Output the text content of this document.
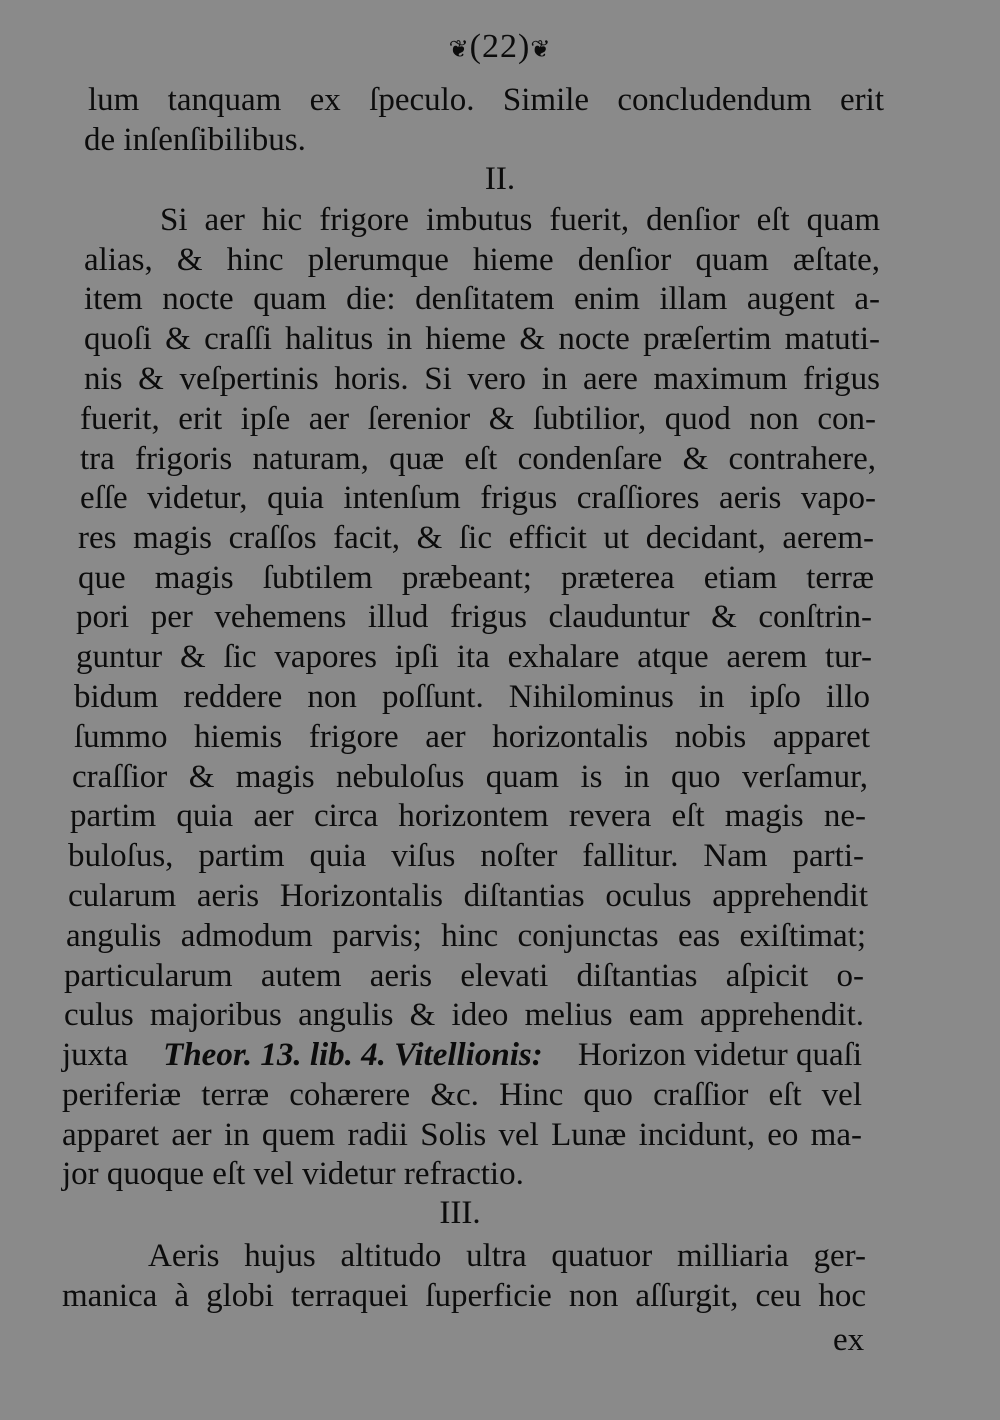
❦(22)❦
lum tanquam ex ſpeculo. Simile concludendum erit
de inſenſibilibus.
II.
Si aer hic frigore imbutus fuerit, denſior eſt quam
alias, & hinc plerumque hieme denſior quam æſtate,
item nocte quam die: denſitatem enim illam augent a-
quoſi & craſſi halitus in hieme & nocte præſertim matuti-
nis & veſpertinis horis. Si vero in aere maximum frigus
fuerit, erit ipſe aer ſerenior & ſubtilior, quod non con-
tra frigoris naturam, quæ eſt condenſare & contrahere,
eſſe videtur, quia intenſum frigus craſſiores aeris vapo-
res magis craſſos facit, & ſic efficit ut decidant, aerem-
que magis ſubtilem præbeant; præterea etiam terræ
pori per vehemens illud frigus clauduntur & conſtrin-
guntur & ſic vapores ipſi ita exhalare atque aerem tur-
bidum reddere non poſſunt. Nihilominus in ipſo illo
ſummo hiemis frigore aer horizontalis nobis apparet
craſſior & magis nebuloſus quam is in quo verſamur,
partim quia aer circa horizontem revera eſt magis ne-
buloſus, partim quia viſus noſter fallitur. Nam parti-
cularum aeris Horizontalis diſtantias oculus apprehendit
angulis admodum parvis; hinc conjunctas eas exiſtimat;
particularum autem aeris elevati diſtantias aſpicit o-
culus majoribus angulis & ideo melius eam apprehendit.
juxta Theor. 13. lib. 4. Vitellionis: Horizon videtur quaſi
periferiæ terræ cohærere &c. Hinc quo craſſior eſt vel
apparet aer in quem radii Solis vel Lunæ incidunt, eo ma-
jor quoque eſt vel videtur refractio.
III.
Aeris hujus altitudo ultra quatuor milliaria ger-
manica à globi terraquei ſuperficie non aſſurgit, ceu hoc
ex
